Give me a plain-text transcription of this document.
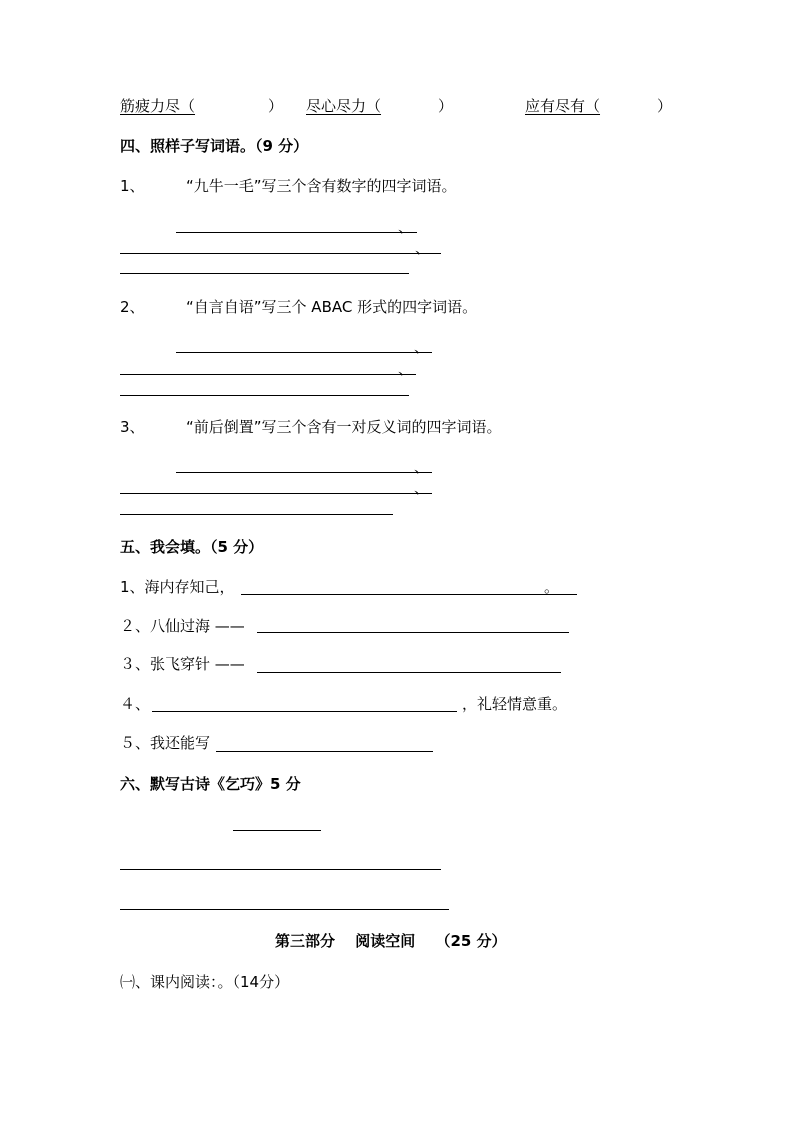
筋疲力尽（	） 尽心尽力（	）	应有尽有（	）
四、照样子写词语。（9 分）
1、	“九牛一毛”写三个含有数字的四字词语。
、
、
2、	“自言自语”写三个 ABAC 形式的四字词语。
、
、
3、	“前后倒置”写三个含有一对反义词的四字词语。
、
、
五、我会填。（5 分）
1、海内存知己，	。
２、八仙过海 ——
３、张飞穿针 ——
４、	，礼轻情意重。
５、我还能写
六、默写古诗《乞巧》5 分
第三部分　 阅读空间　 （25 分）
㈠、课内阅读：。（14分）
